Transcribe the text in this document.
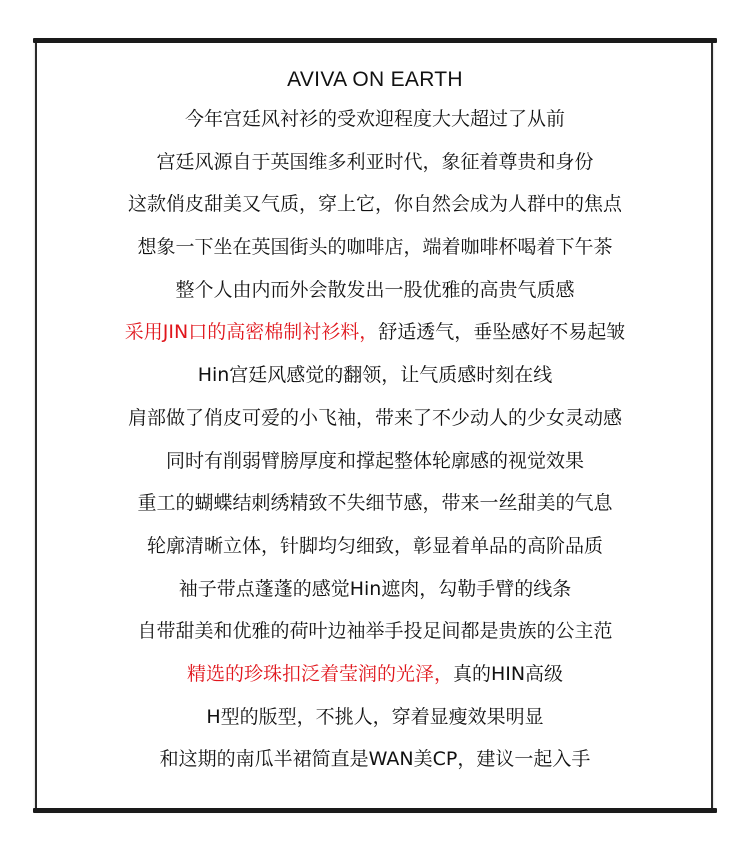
AVIVA ON EARTH
今年宫廷风衬衫的受欢迎程度大大超过了从前
宫廷风源自于英国维多利亚时代，象征着尊贵和身份
这款俏皮甜美又气质，穿上它，你自然会成为人群中的焦点
想象一下坐在英国街头的咖啡店，端着咖啡杯喝着下午茶
整个人由内而外会散发出一股优雅的高贵气质感
采用JIN口的高密棉制衬衫料，舒适透气，垂坠感好不易起皱
Hin宫廷风感觉的翻领，让气质感时刻在线
肩部做了俏皮可爱的小飞袖，带来了不少动人的少女灵动感
同时有削弱臂膀厚度和撑起整体轮廓感的视觉效果
重工的蝴蝶结刺绣精致不失细节感，带来一丝甜美的气息
轮廓清晰立体，针脚均匀细致，彰显着单品的高阶品质
袖子带点蓬蓬的感觉Hin遮肉，勾勒手臂的线条
自带甜美和优雅的荷叶边袖举手投足间都是贵族的公主范
精选的珍珠扣泛着莹润的光泽，真的HIN高级
H型的版型，不挑人，穿着显瘦效果明显
和这期的南瓜半裙简直是WAN美CP，建议一起入手
